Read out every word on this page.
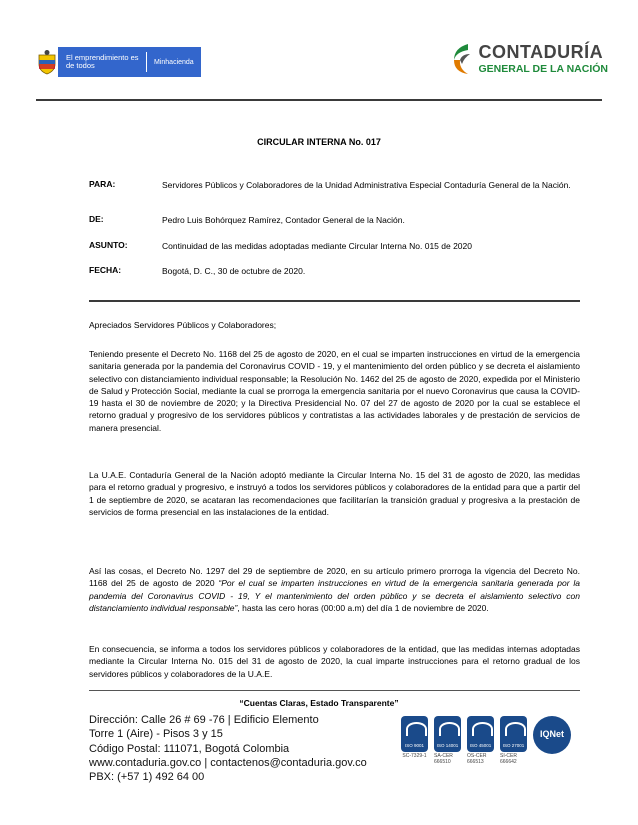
El emprendimiento es de todos	Minhacienda	CONTADURÍA
GENERAL DE LA NACIÓN
CIRCULAR INTERNA No. 017
PARA:	Servidores Públicos y Colaboradores de la Unidad Administrativa Especial Contaduría General de la Nación.
DE:	Pedro Luis Bohórquez Ramírez, Contador General de la Nación.
ASUNTO:	Continuidad de las medidas adoptadas mediante Circular Interna No. 015 de 2020
FECHA:	Bogotá, D. C., 30 de octubre de 2020.
Apreciados Servidores Públicos y Colaboradores;
Teniendo presente el Decreto No. 1168 del 25 de agosto de 2020, en el cual se imparten instrucciones en virtud de la emergencia sanitaria generada por la pandemia del Coronavirus COVID - 19, y el mantenimiento del orden público y se decreta el aislamiento selectivo con distanciamiento individual responsable; la Resolución No. 1462 del 25 de agosto de 2020, expedida por el Ministerio de Salud y Protección Social, mediante la cual se prorroga la emergencia sanitaria por el nuevo Coronavirus que causa la COVID-19 hasta el 30 de noviembre de 2020; y la Directiva Presidencial No. 07 del 27 de agosto de 2020 por la cual se establece el retorno gradual y progresivo de los servidores públicos y contratistas a las actividades laborales y de prestación de servicios de manera presencial.
La U.A.E. Contaduría General de la Nación adoptó mediante la Circular Interna No. 15 del 31 de agosto de 2020, las medidas para el retorno gradual y progresivo, e instruyó a todos los servidores públicos y colaboradores de la entidad para que a partir del 1 de septiembre de 2020, se acataran las recomendaciones que facilitarían la transición gradual y progresiva a la prestación de servicios de forma presencial en las instalaciones de la entidad.
Así las cosas, el Decreto No. 1297 del 29 de septiembre de 2020, en su artículo primero prorroga la vigencia del Decreto No. 1168 del 25 de agosto de 2020 “Por el cual se imparten instrucciones en virtud de la emergencia sanitaria generada por la pandemia del Coronavirus COVID - 19, Y el mantenimiento del orden público y se decreta el aislamiento selectivo con distanciamiento individual responsable”, hasta las cero horas (00:00 a.m) del día 1 de noviembre de 2020.
En consecuencia, se informa a todos los servidores públicos y colaboradores de la entidad, que las medidas internas adoptadas mediante la Circular Interna No. 015 del 31 de agosto de 2020, la cual imparte instrucciones para el retorno gradual de los servidores públicos y colaboradores de la U.A.E.
“Cuentas Claras, Estado Transparente”
Dirección: Calle 26 # 69 -76 | Edificio Elemento
Torre 1 (Aire) - Pisos 3 y 15
Código Postal: 111071, Bogotá Colombia
www.contaduria.gov.co | contactenos@contaduria.gov.co
PBX: (+57 1) 492 64 00
ISO 9001
SC-7329-1
ISO 14001
SA-CER 666510
ISO 45001
OS-CER 666513
ISO 27001
SI-CER 666642
IQNet
